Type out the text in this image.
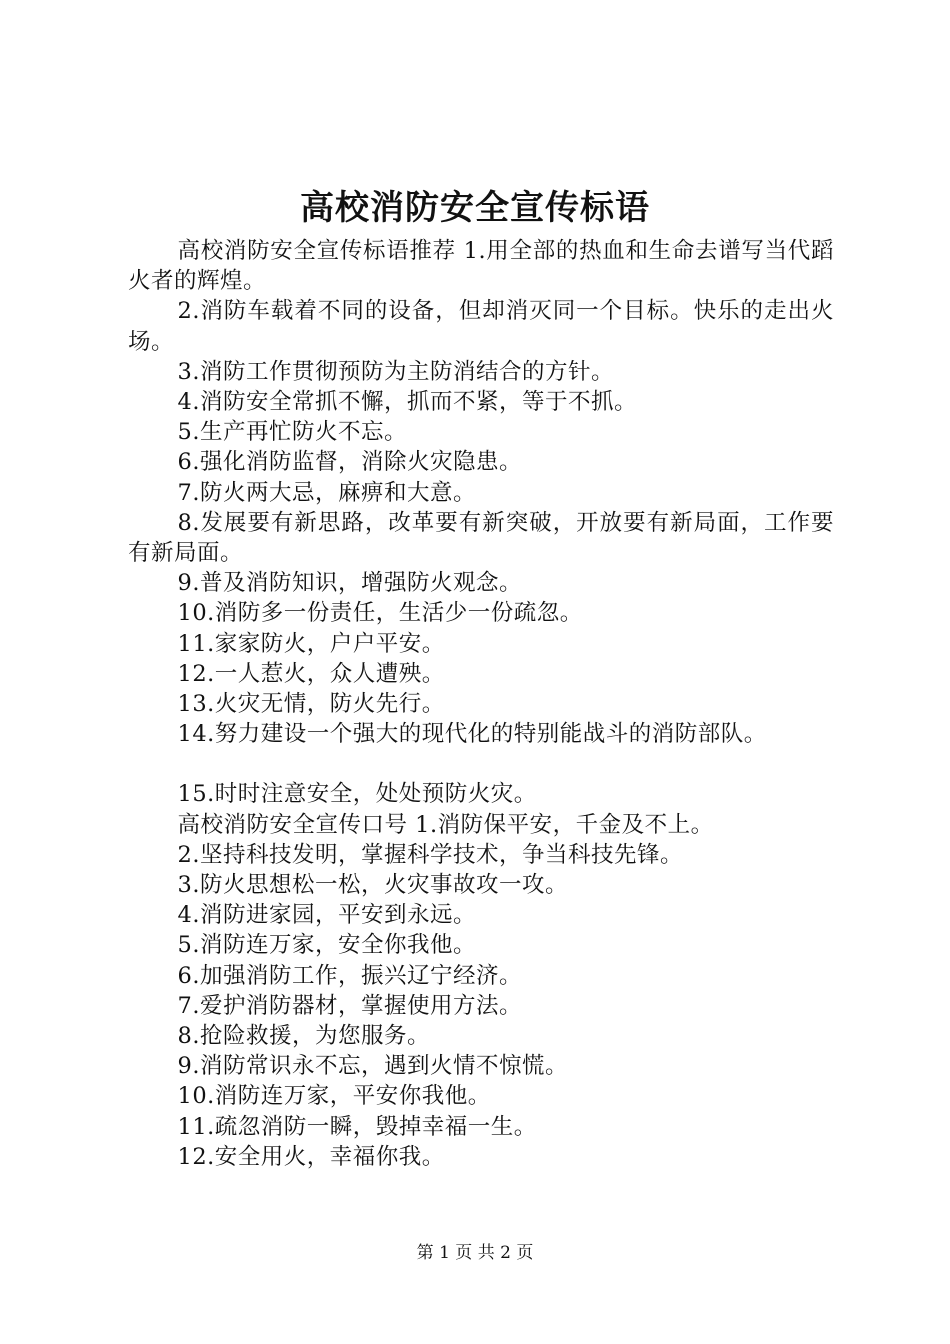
高校消防安全宣传标语

高校消防安全宣传标语推荐 1.用全部的热血和生命去谱写当代蹈火者的辉煌。

2.消防车载着不同的设备，但却消灭同一个目标。快乐的走出火场。

3.消防工作贯彻预防为主防消结合的方针。

4.消防安全常抓不懈，抓而不紧，等于不抓。

5.生产再忙防火不忘。

6.强化消防监督，消除火灾隐患。

7.防火两大忌，麻痹和大意。

8.发展要有新思路，改革要有新突破，开放要有新局面，工作要有新局面。

9.普及消防知识，增强防火观念。

10.消防多一份责任，生活少一份疏忽。

11.家家防火，户户平安。

12.一人惹火，众人遭殃。

13.火灾无情，防火先行。

14.努力建设一个强大的现代化的特别能战斗的消防部队。

15.时时注意安全，处处预防火灾。

高校消防安全宣传口号 1.消防保平安，千金及不上。

2.坚持科技发明，掌握科学技术，争当科技先锋。

3.防火思想松一松，火灾事故攻一攻。

4.消防进家园，平安到永远。

5.消防连万家，安全你我他。

6.加强消防工作，振兴辽宁经济。

7.爱护消防器材，掌握使用方法。

8.抢险救援，为您服务。

9.消防常识永不忘，遇到火情不惊慌。

10.消防连万家，平安你我他。

11.疏忽消防一瞬，毁掉幸福一生。

12.安全用火，幸福你我。

第 1 页 共 2 页
